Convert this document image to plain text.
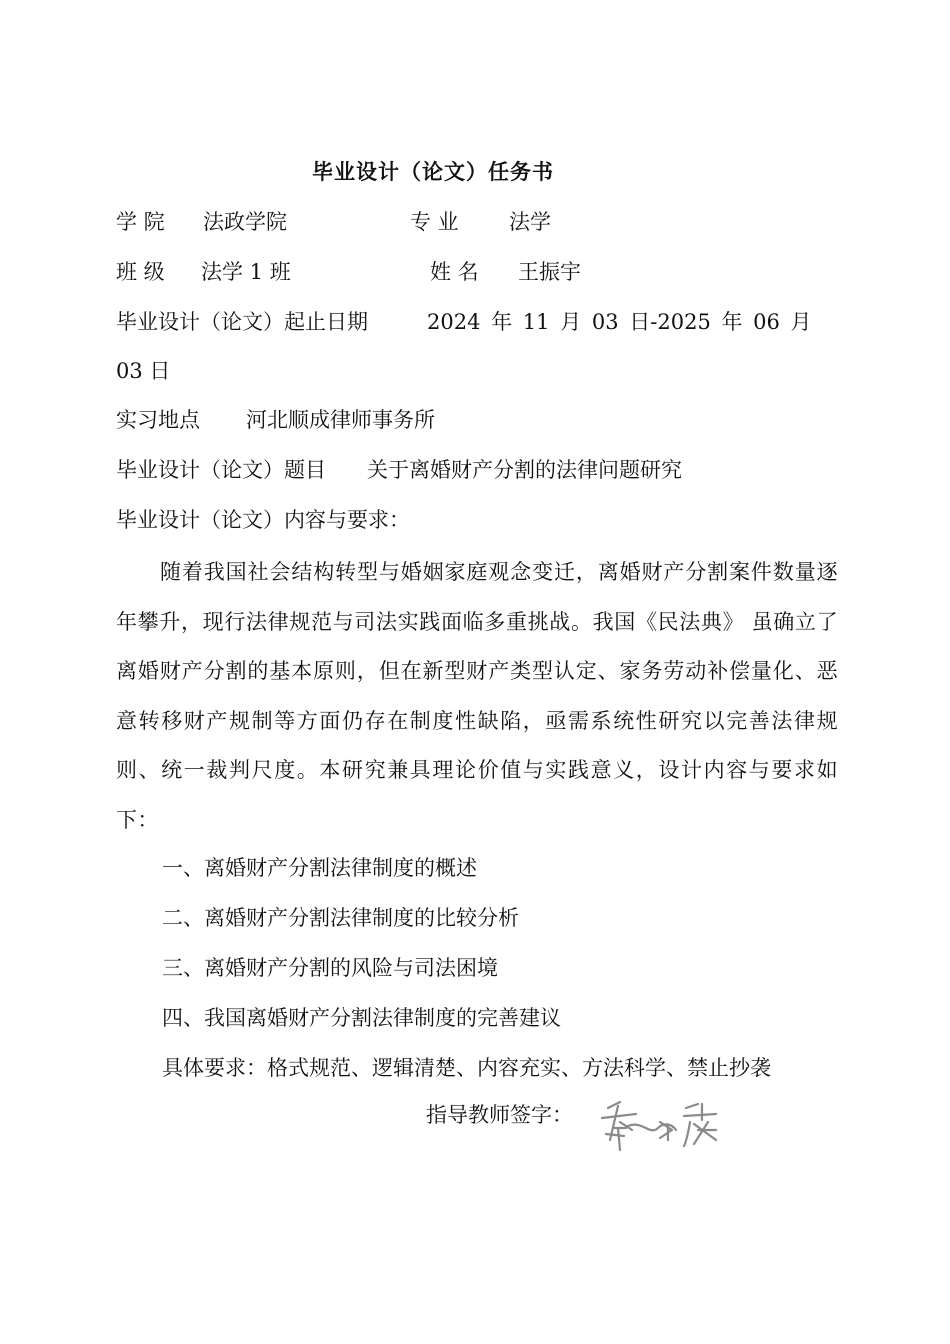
毕业设计（论文）任务书
学 院 法政学院	专 业 法学
班 级 法学 1 班	姓 名 王振宇
毕业设计（论文）起止日期	2024 年 11 月 03 日-2025 年 06 月
03 日
实习地点 河北顺成律师事务所
毕业设计（论文）题目 关于离婚财产分割的法律问题研究
毕业设计（论文）内容与要求：
随着我国社会结构转型与婚姻家庭观念变迁，离婚财产分割案件数量逐年攀升，现行法律规范与司法实践面临多重挑战。我国《民法典》 虽确立了离婚财产分割的基本原则，但在新型财产类型认定、家务劳动补偿量化、恶意转移财产规制等方面仍存在制度性缺陷，亟需系统性研究以完善法律规则、统一裁判尺度。本研究兼具理论价值与实践意义，设计内容与要求如下：
一、离婚财产分割法律制度的概述
二、离婚财产分割法律制度的比较分析
三、离婚财产分割的风险与司法困境
四、我国离婚财产分割法律制度的完善建议
具体要求：格式规范、逻辑清楚、内容充实、方法科学、禁止抄袭
指导教师签字：
